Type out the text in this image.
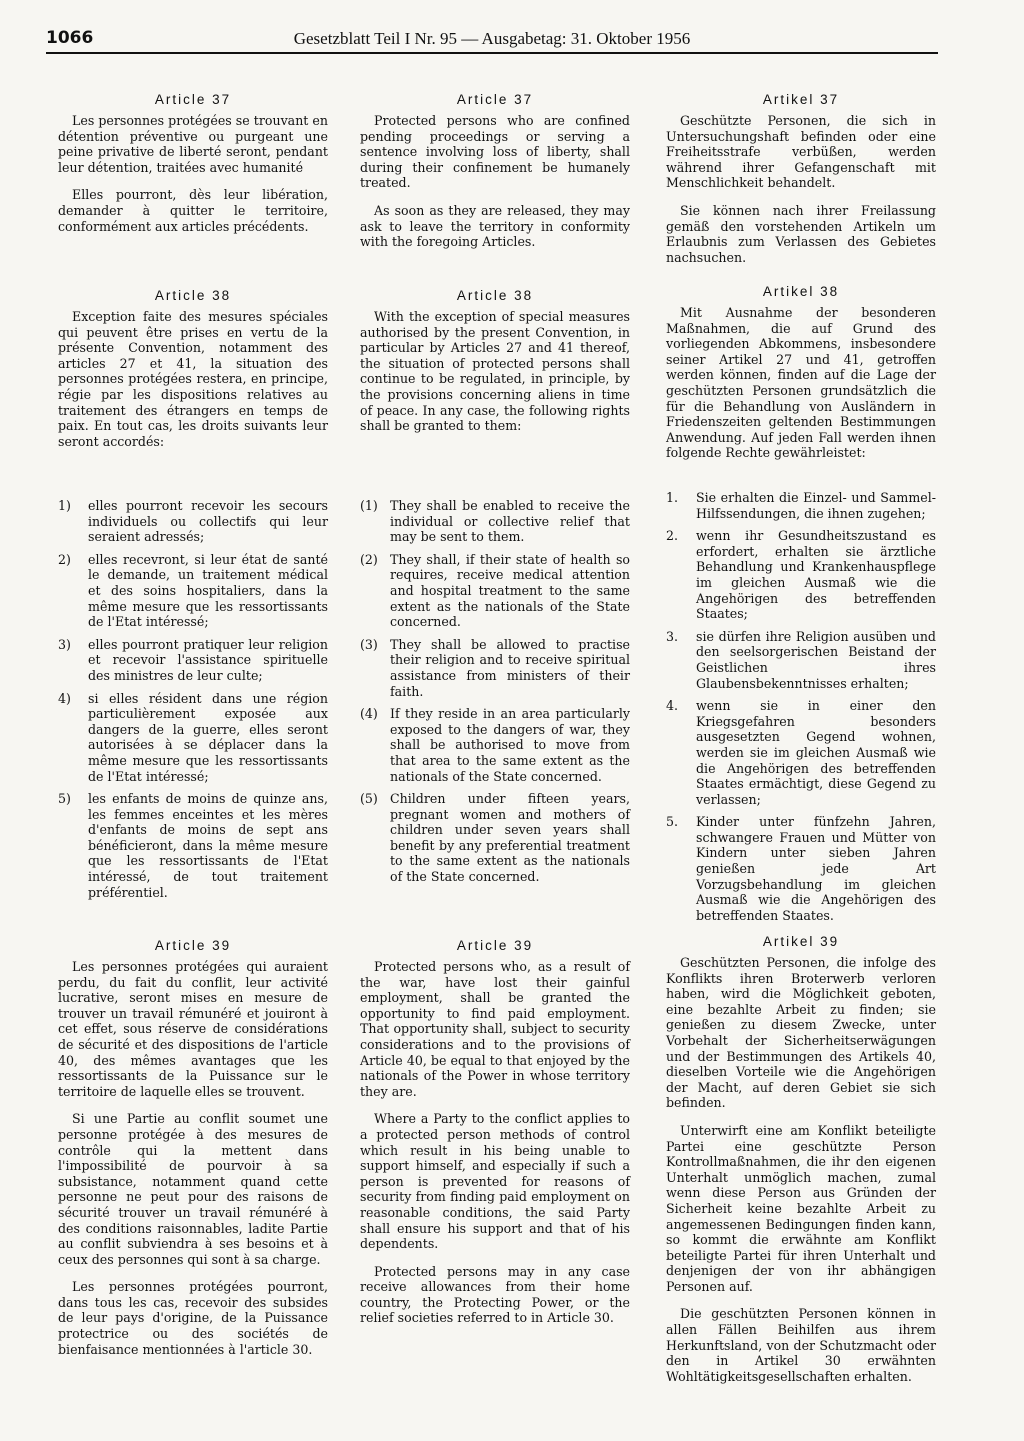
1066	Gesetzblatt Teil I Nr. 95 — Ausgabetag: 31. Oktober 1956
Article 37

Les personnes protégées se trouvant en détention préventive ou purgeant une peine privative de liberté seront, pendant leur détention, traitées avec humanité

Elles pourront, dès leur libération, demander à quitter le territoire, conformément aux articles précédents.

Article 38

Exception faite des mesures spéciales qui peuvent être prises en vertu de la présente Convention, notamment des articles 27 et 41, la situation des personnes protégées restera, en principe, régie par les dispositions relatives au traitement des étrangers en temps de paix. En tout cas, les droits suivants leur seront accordés:

1)	elles pourront recevoir les secours individuels ou collectifs qui leur seraient adressés;
2)	elles recevront, si leur état de santé le demande, un traitement médical et des soins hospitaliers, dans la même mesure que les ressortissants de l'Etat intéressé;
3)	elles pourront pratiquer leur religion et recevoir l'assistance spirituelle des ministres de leur culte;
4)	si elles résident dans une région particulièrement exposée aux dangers de la guerre, elles seront autorisées à se déplacer dans la même mesure que les ressortissants de l'Etat intéressé;
5)	les enfants de moins de quinze ans, les femmes enceintes et les mères d'enfants de moins de sept ans bénéficieront, dans la même mesure que les ressortissants de l'Etat intéressé, de tout traitement préférentiel.
Article 39

Les personnes protégées qui auraient perdu, du fait du conflit, leur activité lucrative, seront mises en mesure de trouver un travail rémunéré et jouiront à cet effet, sous réserve de considérations de sécurité et des dispositions de l'article 40, des mêmes avantages que les ressortissants de la Puissance sur le territoire de laquelle elles se trouvent.

Si une Partie au conflit soumet une personne protégée à des mesures de contrôle qui la mettent dans l'impossibilité de pourvoir à sa subsistance, notamment quand cette personne ne peut pour des raisons de sécurité trouver un travail rémunéré à des conditions raisonnables, ladite Partie au conflit subviendra à ses besoins et à ceux des personnes qui sont à sa charge.

Les personnes protégées pourront, dans tous les cas, recevoir des subsides de leur pays d'origine, de la Puissance protectrice ou des sociétés de bienfaisance mentionnées à l'article 30.

Article 37

Protected persons who are confined pending proceedings or serving a sentence involving loss of liberty, shall during their confinement be humanely treated.

As soon as they are released, they may ask to leave the territory in conformity with the foregoing Articles.

Article 38

With the exception of special measures authorised by the present Convention, in particular by Articles 27 and 41 thereof, the situation of protected persons shall continue to be regulated, in principle, by the provisions concerning aliens in time of peace. In any case, the following rights shall be granted to them:

(1) They shall be enabled to receive the individual or collective relief that may be sent to them.
(2) They shall, if their state of health so requires, receive medical attention and hospital treatment to the same extent as the nationals of the State concerned.
(3) They shall be allowed to practise their religion and to receive spiritual assistance from ministers of their faith.
(4) If they reside in an area particularly exposed to the dangers of war, they shall be authorised to move from that area to the same extent as the nationals of the State concerned.
(5) Children under fifteen years, pregnant women and mothers of children under seven years shall benefit by any preferential treatment to the same extent as the nationals of the State concerned.
Article 39

Protected persons who, as a result of the war, have lost their gainful employment, shall be granted the opportunity to find paid employment. That opportunity shall, subject to security considerations and to the provisions of Article 40, be equal to that enjoyed by the nationals of the Power in whose territory they are.

Where a Party to the conflict applies to a protected person methods of control which result in his being unable to support himself, and especially if such a person is prevented for reasons of security from finding paid employment on reasonable conditions, the said Party shall ensure his support and that of his dependents.

Protected persons may in any case receive allowances from their home country, the Protecting Power, or the relief societies referred to in Article 30.

Artikel 37

Geschützte Personen, die sich in Untersuchungshaft befinden oder eine Freiheitsstrafe verbüßen, werden während ihrer Gefangenschaft mit Menschlichkeit behandelt.

Sie können nach ihrer Freilassung gemäß den vorstehenden Artikeln um Erlaubnis zum Verlassen des Gebietes nachsuchen.

Artikel 38

Mit Ausnahme der besonderen Maßnahmen, die auf Grund des vorliegenden Abkommens, insbesondere seiner Artikel 27 und 41, getroffen werden können, finden auf die Lage der geschützten Personen grundsätzlich die für die Behandlung von Ausländern in Friedenszeiten geltenden Bestimmungen Anwendung. Auf jeden Fall werden ihnen folgende Rechte gewährleistet:

1.	Sie erhalten die Einzel- und Sammel-Hilfssendungen, die ihnen zugehen;
2.	wenn ihr Gesundheitszustand es erfordert, erhalten sie ärztliche Behandlung und Krankenhauspflege im gleichen Ausmaß wie die Angehörigen des betreffenden Staates;
3.	sie dürfen ihre Religion ausüben und den seelsorgerischen Beistand der Geistlichen ihres Glaubensbekenntnisses erhalten;
4.	wenn sie in einer den Kriegsgefahren besonders ausgesetzten Gegend wohnen, werden sie im gleichen Ausmaß wie die Angehörigen des betreffenden Staates ermächtigt, diese Gegend zu verlassen;
5.	Kinder unter fünfzehn Jahren, schwangere Frauen und Mütter von Kindern unter sieben Jahren genießen jede Art Vorzugsbehandlung im gleichen Ausmaß wie die Angehörigen des betreffenden Staates.
Artikel 39

Geschützten Personen, die infolge des Konflikts ihren Broterwerb verloren haben, wird die Möglichkeit geboten, eine bezahlte Arbeit zu finden; sie genießen zu diesem Zwecke, unter Vorbehalt der Sicherheitserwägungen und der Bestimmungen des Artikels 40, dieselben Vorteile wie die Angehörigen der Macht, auf deren Gebiet sie sich befinden.

Unterwirft eine am Konflikt beteiligte Partei eine geschützte Person Kontrollmaßnahmen, die ihr den eigenen Unterhalt unmöglich machen, zumal wenn diese Person aus Gründen der Sicherheit keine bezahlte Arbeit zu angemessenen Bedingungen finden kann, so kommt die erwähnte am Konflikt beteiligte Partei für ihren Unterhalt und denjenigen der von ihr abhängigen Personen auf.

Die geschützten Personen können in allen Fällen Beihilfen aus ihrem Herkunftsland, von der Schutzmacht oder den in Artikel 30 erwähnten Wohltätigkeitsgesellschaften erhalten.
